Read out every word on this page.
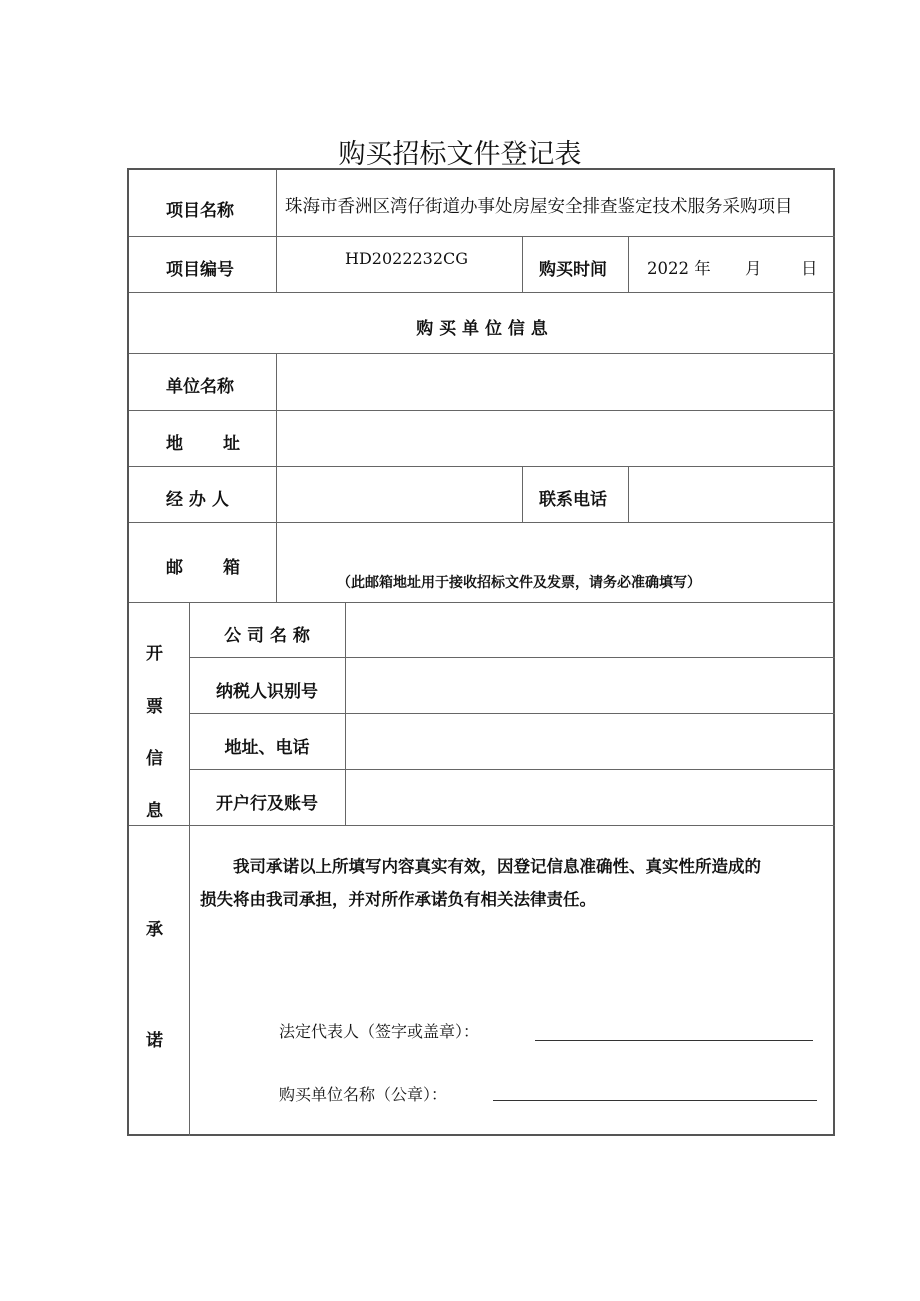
购买招标文件登记表
项目名称	珠海市香洲区湾仔街道办事处房屋安全排查鉴定技术服务采购项目
项目编号
HD2022232CG
购买时间 2022 年 月 日
购 买 单 位 信 息
单位名称
地 址
经 办 人	联系电话
邮 箱
（此邮箱地址用于接收招标文件及发票，请务必准确填写）
开
票
信
息
公 司 名 称
纳税人识别号
地址、电话
开户行及账号
承
诺
我司承诺以上所填写内容真实有效，因登记信息准确性、真实性所造成的
损失将由我司承担，并对所作承诺负有相关法律责任。
法定代表人（签字或盖章）：
购买单位名称（公章）：
